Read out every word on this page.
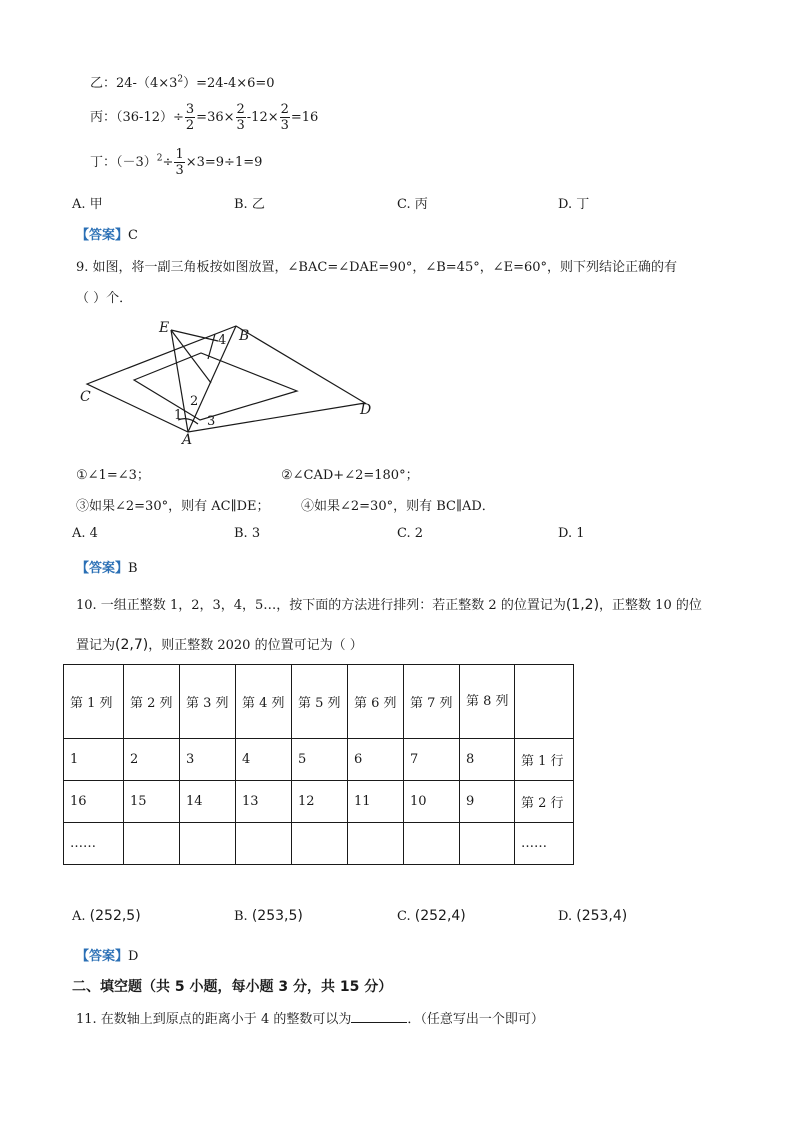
乙：$24-(4\times 3^2)=24-4\times 6=0$
丙：$(36-12)\div \frac{3}{2} =36\times \frac{2}{3} -12\times \frac{2}{3} =16$
丁：$(-3)^2\div \frac{1}{3} \times 3=9\div 1=9$
A. 甲	B. 乙	C. 丙	D. 丁
【答案】C
9. 如图，将一副三角板按如图放置，∠BAC=∠DAE=90°，∠B=45°，∠E=60°，则下列结论正确的有
（ ）个．
E	B
C
D
A
1
2
3
4
①∠1=∠3；	②∠CAD+∠2=180°；
③如果∠2=30°，则有 AC∥DE； ④如果∠2=30°，则有 BC∥AD．
A. 4	B. 3	C. 2	D. 1
【答案】B
10. 一组正整数 1，2，3，4，5…，按下面的方法进行排列：若正整数 2 的位置记为(1,2)，正整数 10 的位
置记为(2,7)，则正整数 2020 的位置可记为（ ）
第 1 列	第 2 列	第 3 列	第 4 列	第 5 列	第 6 列	第 7 列	第 8 列	
1	2	3	4	5	6	7	8	第 1 行
16	15	14	13	12	11	10	9	第 2 行
……								……
A. (252,5)	B. (253,5)	C. (252,4)	D. (253,4)
【答案】D
二、填空题（共 5 小题，每小题 3 分，共 15 分）
11. 在数轴上到原点的距离小于 4 的整数可以为	．（任意写出一个即可）
